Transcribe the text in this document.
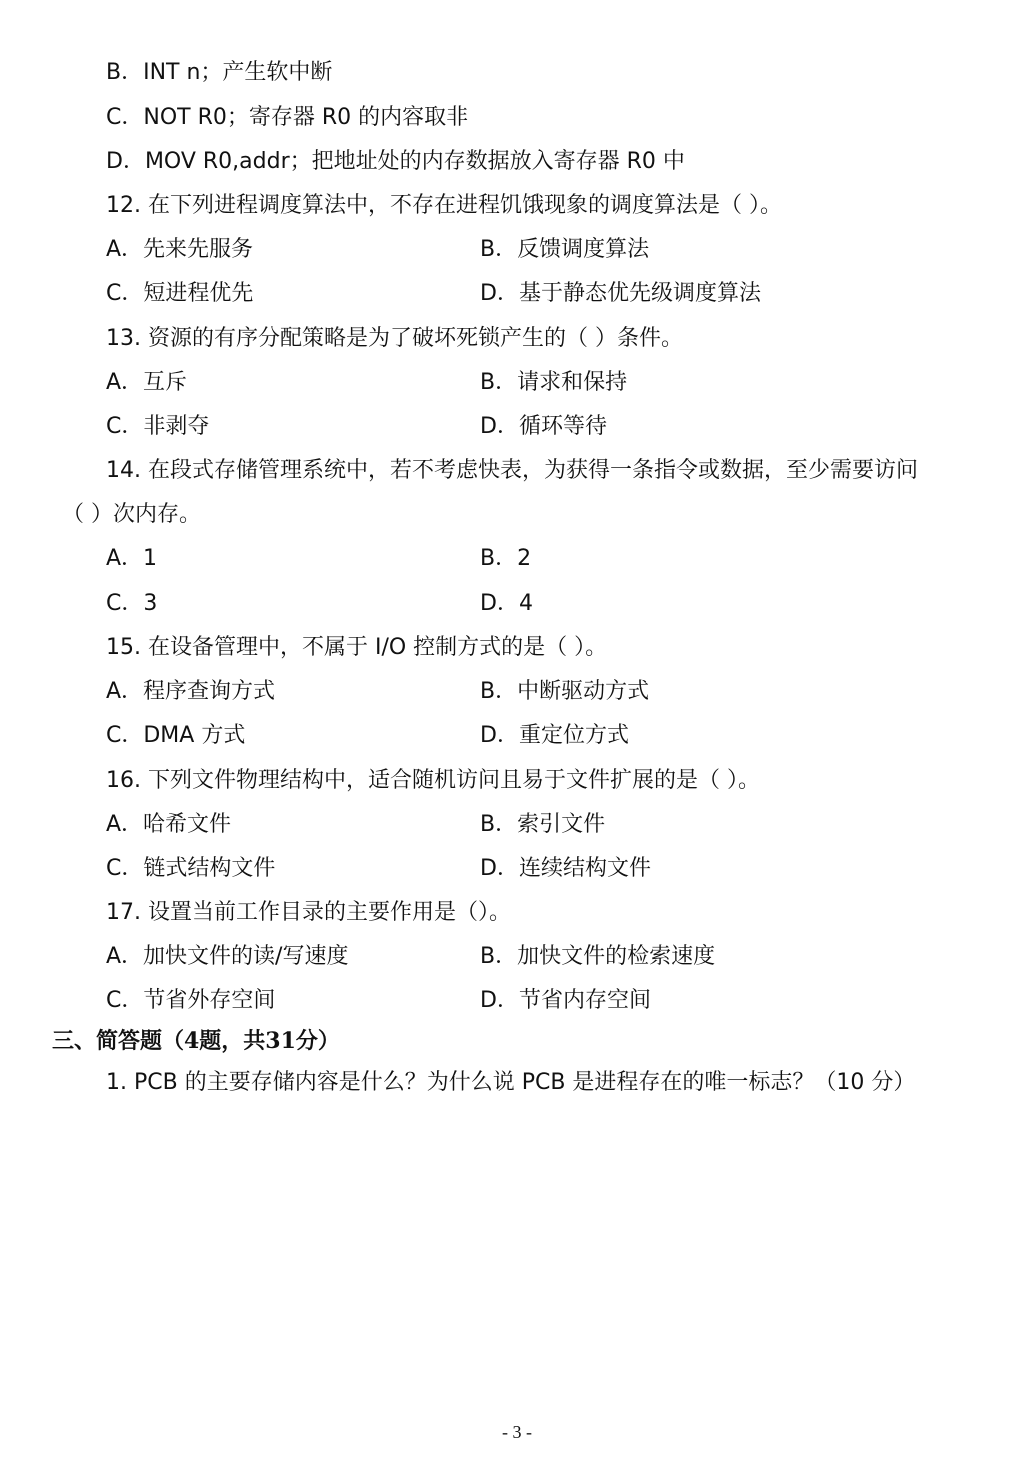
B．INT n；产生软中断
C．NOT R0；寄存器 R0 的内容取非
D．MOV R0,addr；把地址处的内存数据放入寄存器 R0 中
12. 在下列进程调度算法中，不存在进程饥饿现象的调度算法是（ ）。
A．先来先服务	B．反馈调度算法
C．短进程优先	D．基于静态优先级调度算法
13. 资源的有序分配策略是为了破坏死锁产生的（ ）条件。
A．互斥	B．请求和保持
C．非剥夺	D．循环等待
14. 在段式存储管理系统中，若不考虑快表，为获得一条指令或数据，至少需要访问
（ ）次内存。
A．1	B．2
C．3	D．4
15. 在设备管理中，不属于 I/O 控制方式的是（ ）。
A．程序查询方式	B．中断驱动方式
C．DMA 方式	D．重定位方式
16. 下列文件物理结构中，适合随机访问且易于文件扩展的是（ ）。
A．哈希文件	B．索引文件
C．链式结构文件	D．连续结构文件
17. 设置当前工作目录的主要作用是（）。
A．加快文件的读/写速度	B．加快文件的检索速度
C．节省外存空间	D．节省内存空间
三、简答题（4题，共31分）
1. PCB 的主要存储内容是什么？为什么说 PCB 是进程存在的唯一标志？（10 分）
- 3 -
